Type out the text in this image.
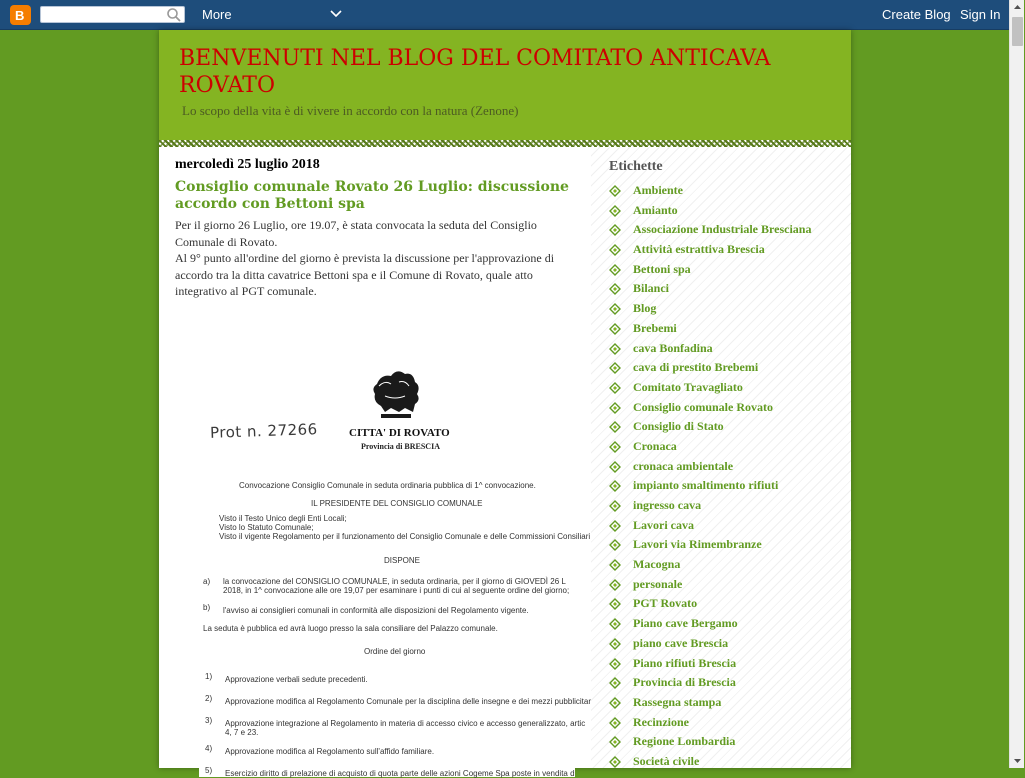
B	More	Create Blog Sign In
BENVENUTI NEL BLOG DEL COMITATO ANTICAVA ROVATO
Lo scopo della vita è di vivere in accordo con la natura (Zenone)
mercoledì 25 luglio 2018
Consiglio comunale Rovato 26 Luglio: discussione accordo con Bettoni spa

Per il giorno 26 Luglio, ore 19.07, è stata convocata la seduta del Consiglio Comunale di Rovato.

Al 9° punto all'ordine del giorno è prevista la discussione per l'approvazione di accordo tra la ditta cavatrice Bettoni spa e il Comune di Rovato, quale atto integrativo al PGT comunale.

Prot n. 27266	CITTA' DI ROVATO
Provincia di BRESCIA
Convocazione Consiglio Comunale in seduta ordinaria pubblica di 1^ convocazione.
IL PRESIDENTE DEL CONSIGLIO COMUNALE
Visto il Testo Unico degli Enti Locali;
Visto lo Statuto Comunale;
Visto il vigente Regolamento per il funzionamento del Consiglio Comunale e delle Commissioni Consiliari
DISPONE
a) la convocazione del CONSIGLIO COMUNALE, in seduta ordinaria, per il giorno di GIOVEDÌ 26 L
2018, in 1^ convocazione alle ore 19,07 per esaminare i punti di cui al seguente ordine del giorno;
b) l'avviso ai consiglieri comunali in conformità alle disposizioni del Regolamento vigente.
La seduta è pubblica ed avrà luogo presso la sala consiliare del Palazzo comunale.
Ordine del giorno
1) Approvazione verbali sedute precedenti.
2) Approvazione modifica al Regolamento Comunale per la disciplina delle insegne e dei mezzi pubblicitar
3) Approvazione integrazione al Regolamento in materia di accesso civico e accesso generalizzato, artic
4, 7 e 23.
4) Approvazione modifica al Regolamento sull'affido familiare.
5) Esercizio diritto di prelazione di acquisto di quota parte delle azioni Cogeme Spa poste in vendita d
Etichette
Ambiente
Amianto
Associazione Industriale Bresciana
Attività estrattiva Brescia
Bettoni spa
Bilanci
Blog
Brebemi
cava Bonfadina
cava di prestito Brebemi
Comitato Travagliato
Consiglio comunale Rovato
Consiglio di Stato
Cronaca
cronaca ambientale
impianto smaltimento rifiuti
ingresso cava
Lavori cava
Lavori via Rimembranze
Macogna
personale
PGT Rovato
Piano cave Bergamo
piano cave Brescia
Piano rifiuti Brescia
Provincia di Brescia
Rassegna stampa
Recinzione
Regione Lombardia
Società civile
